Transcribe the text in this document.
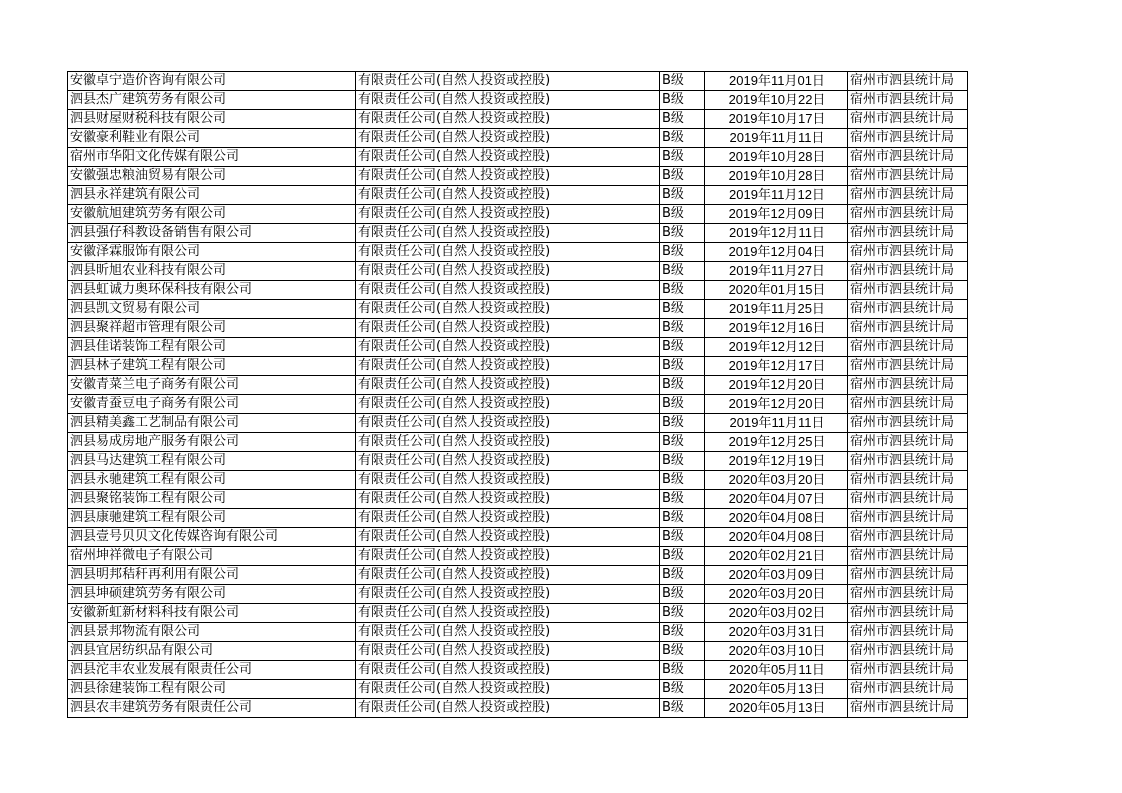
安徽卓宁造价咨询有限公司	有限责任公司(自然人投资或控股)	B级	2019年11月01日	宿州市泗县统计局
泗县杰广建筑劳务有限公司	有限责任公司(自然人投资或控股)	B级	2019年10月22日	宿州市泗县统计局
泗县财屋财税科技有限公司	有限责任公司(自然人投资或控股)	B级	2019年10月17日	宿州市泗县统计局
安徽豪利鞋业有限公司	有限责任公司(自然人投资或控股)	B级	2019年11月11日	宿州市泗县统计局
宿州市华阳文化传媒有限公司	有限责任公司(自然人投资或控股)	B级	2019年10月28日	宿州市泗县统计局
安徽强忠粮油贸易有限公司	有限责任公司(自然人投资或控股)	B级	2019年10月28日	宿州市泗县统计局
泗县永祥建筑有限公司	有限责任公司(自然人投资或控股)	B级	2019年11月12日	宿州市泗县统计局
安徽航旭建筑劳务有限公司	有限责任公司(自然人投资或控股)	B级	2019年12月09日	宿州市泗县统计局
泗县强仔科教设备销售有限公司	有限责任公司(自然人投资或控股)	B级	2019年12月11日	宿州市泗县统计局
安徽泽霖服饰有限公司	有限责任公司(自然人投资或控股)	B级	2019年12月04日	宿州市泗县统计局
泗县昕旭农业科技有限公司	有限责任公司(自然人投资或控股)	B级	2019年11月27日	宿州市泗县统计局
泗县虹诚力奥环保科技有限公司	有限责任公司(自然人投资或控股)	B级	2020年01月15日	宿州市泗县统计局
泗县凯文贸易有限公司	有限责任公司(自然人投资或控股)	B级	2019年11月25日	宿州市泗县统计局
泗县聚祥超市管理有限公司	有限责任公司(自然人投资或控股)	B级	2019年12月16日	宿州市泗县统计局
泗县佳诺装饰工程有限公司	有限责任公司(自然人投资或控股)	B级	2019年12月12日	宿州市泗县统计局
泗县林子建筑工程有限公司	有限责任公司(自然人投资或控股)	B级	2019年12月17日	宿州市泗县统计局
安徽青菜兰电子商务有限公司	有限责任公司(自然人投资或控股)	B级	2019年12月20日	宿州市泗县统计局
安徽青蚕豆电子商务有限公司	有限责任公司(自然人投资或控股)	B级	2019年12月20日	宿州市泗县统计局
泗县精美鑫工艺制品有限公司	有限责任公司(自然人投资或控股)	B级	2019年11月11日	宿州市泗县统计局
泗县易成房地产服务有限公司	有限责任公司(自然人投资或控股)	B级	2019年12月25日	宿州市泗县统计局
泗县马达建筑工程有限公司	有限责任公司(自然人投资或控股)	B级	2019年12月19日	宿州市泗县统计局
泗县永驰建筑工程有限公司	有限责任公司(自然人投资或控股)	B级	2020年03月20日	宿州市泗县统计局
泗县聚铭装饰工程有限公司	有限责任公司(自然人投资或控股)	B级	2020年04月07日	宿州市泗县统计局
泗县康驰建筑工程有限公司	有限责任公司(自然人投资或控股)	B级	2020年04月08日	宿州市泗县统计局
泗县壹号贝贝文化传媒咨询有限公司	有限责任公司(自然人投资或控股)	B级	2020年04月08日	宿州市泗县统计局
宿州坤祥微电子有限公司	有限责任公司(自然人投资或控股)	B级	2020年02月21日	宿州市泗县统计局
泗县明邦秸秆再利用有限公司	有限责任公司(自然人投资或控股)	B级	2020年03月09日	宿州市泗县统计局
泗县坤硕建筑劳务有限公司	有限责任公司(自然人投资或控股)	B级	2020年03月20日	宿州市泗县统计局
安徽新虹新材料科技有限公司	有限责任公司(自然人投资或控股)	B级	2020年03月02日	宿州市泗县统计局
泗县景邦物流有限公司	有限责任公司(自然人投资或控股)	B级	2020年03月31日	宿州市泗县统计局
泗县宜居纺织品有限公司	有限责任公司(自然人投资或控股)	B级	2020年03月10日	宿州市泗县统计局
泗县沱丰农业发展有限责任公司	有限责任公司(自然人投资或控股)	B级	2020年05月11日	宿州市泗县统计局
泗县徐建装饰工程有限公司	有限责任公司(自然人投资或控股)	B级	2020年05月13日	宿州市泗县统计局
泗县农丰建筑劳务有限责任公司	有限责任公司(自然人投资或控股)	B级	2020年05月13日	宿州市泗县统计局
